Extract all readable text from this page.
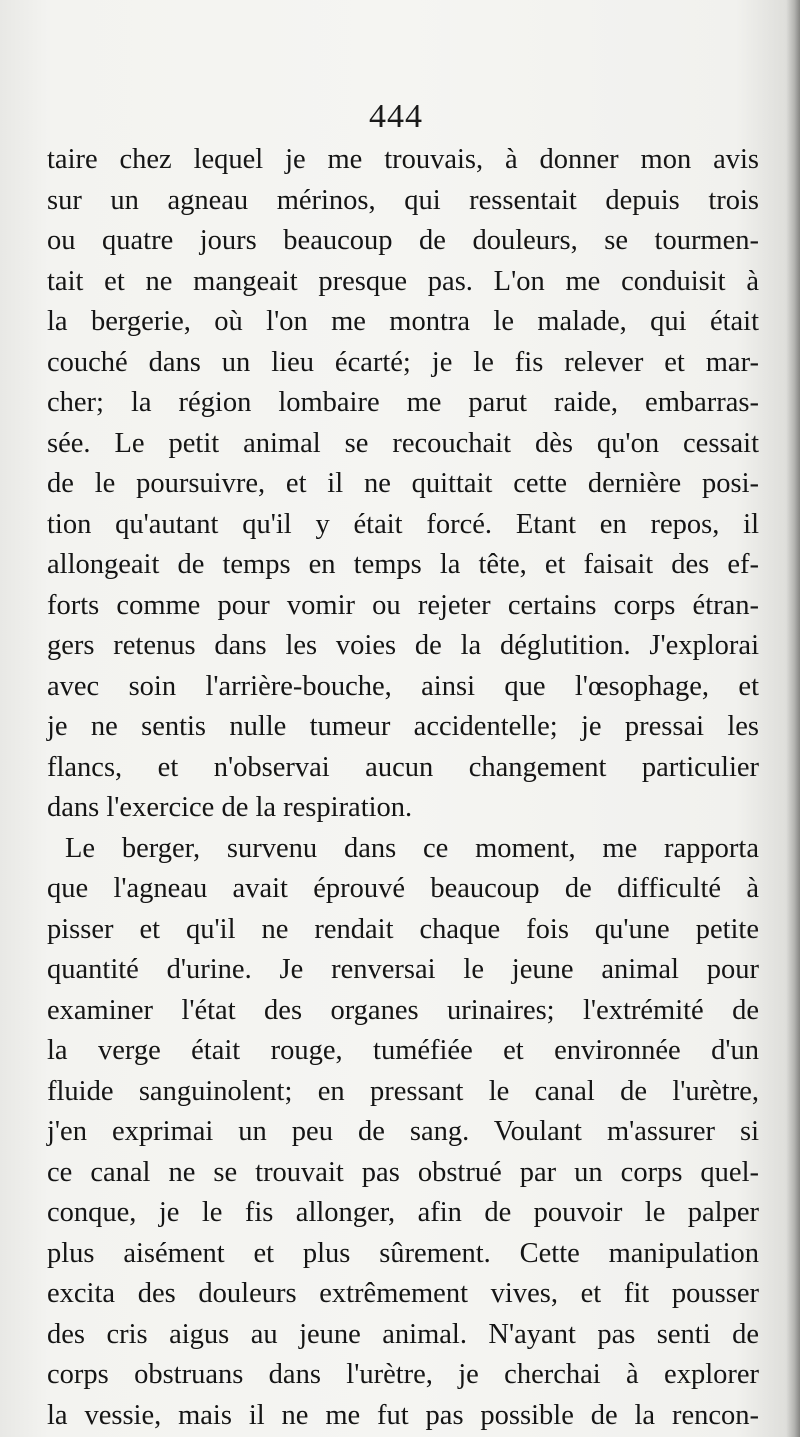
444
taire chez lequel je me trouvais, à donner mon avis
sur un agneau mérinos, qui ressentait depuis trois
ou quatre jours beaucoup de douleurs, se tourmen-
tait et ne mangeait presque pas. L'on me conduisit à
la bergerie, où l'on me montra le malade, qui était
couché dans un lieu écarté; je le fis relever et mar-
cher; la région lombaire me parut raide, embarras-
sée. Le petit animal se recouchait dès qu'on cessait
de le poursuivre, et il ne quittait cette dernière posi-
tion qu'autant qu'il y était forcé. Etant en repos, il
allongeait de temps en temps la tête, et faisait des ef-
forts comme pour vomir ou rejeter certains corps étran-
gers retenus dans les voies de la déglutition. J'explorai
avec soin l'arrière-bouche, ainsi que l'œsophage, et
je ne sentis nulle tumeur accidentelle; je pressai les
flancs, et n'observai aucun changement particulier
dans l'exercice de la respiration.
Le berger, survenu dans ce moment, me rapporta
que l'agneau avait éprouvé beaucoup de difficulté à
pisser et qu'il ne rendait chaque fois qu'une petite
quantité d'urine. Je renversai le jeune animal pour
examiner l'état des organes urinaires; l'extrémité de
la verge était rouge, tuméfiée et environnée d'un
fluide sanguinolent; en pressant le canal de l'urètre,
j'en exprimai un peu de sang. Voulant m'assurer si
ce canal ne se trouvait pas obstrué par un corps quel-
conque, je le fis allonger, afin de pouvoir le palper
plus aisément et plus sûrement. Cette manipulation
excita des douleurs extrêmement vives, et fit pousser
des cris aigus au jeune animal. N'ayant pas senti de
corps obstruans dans l'urètre, je cherchai à explorer
la vessie, mais il ne me fut pas possible de la rencon-
